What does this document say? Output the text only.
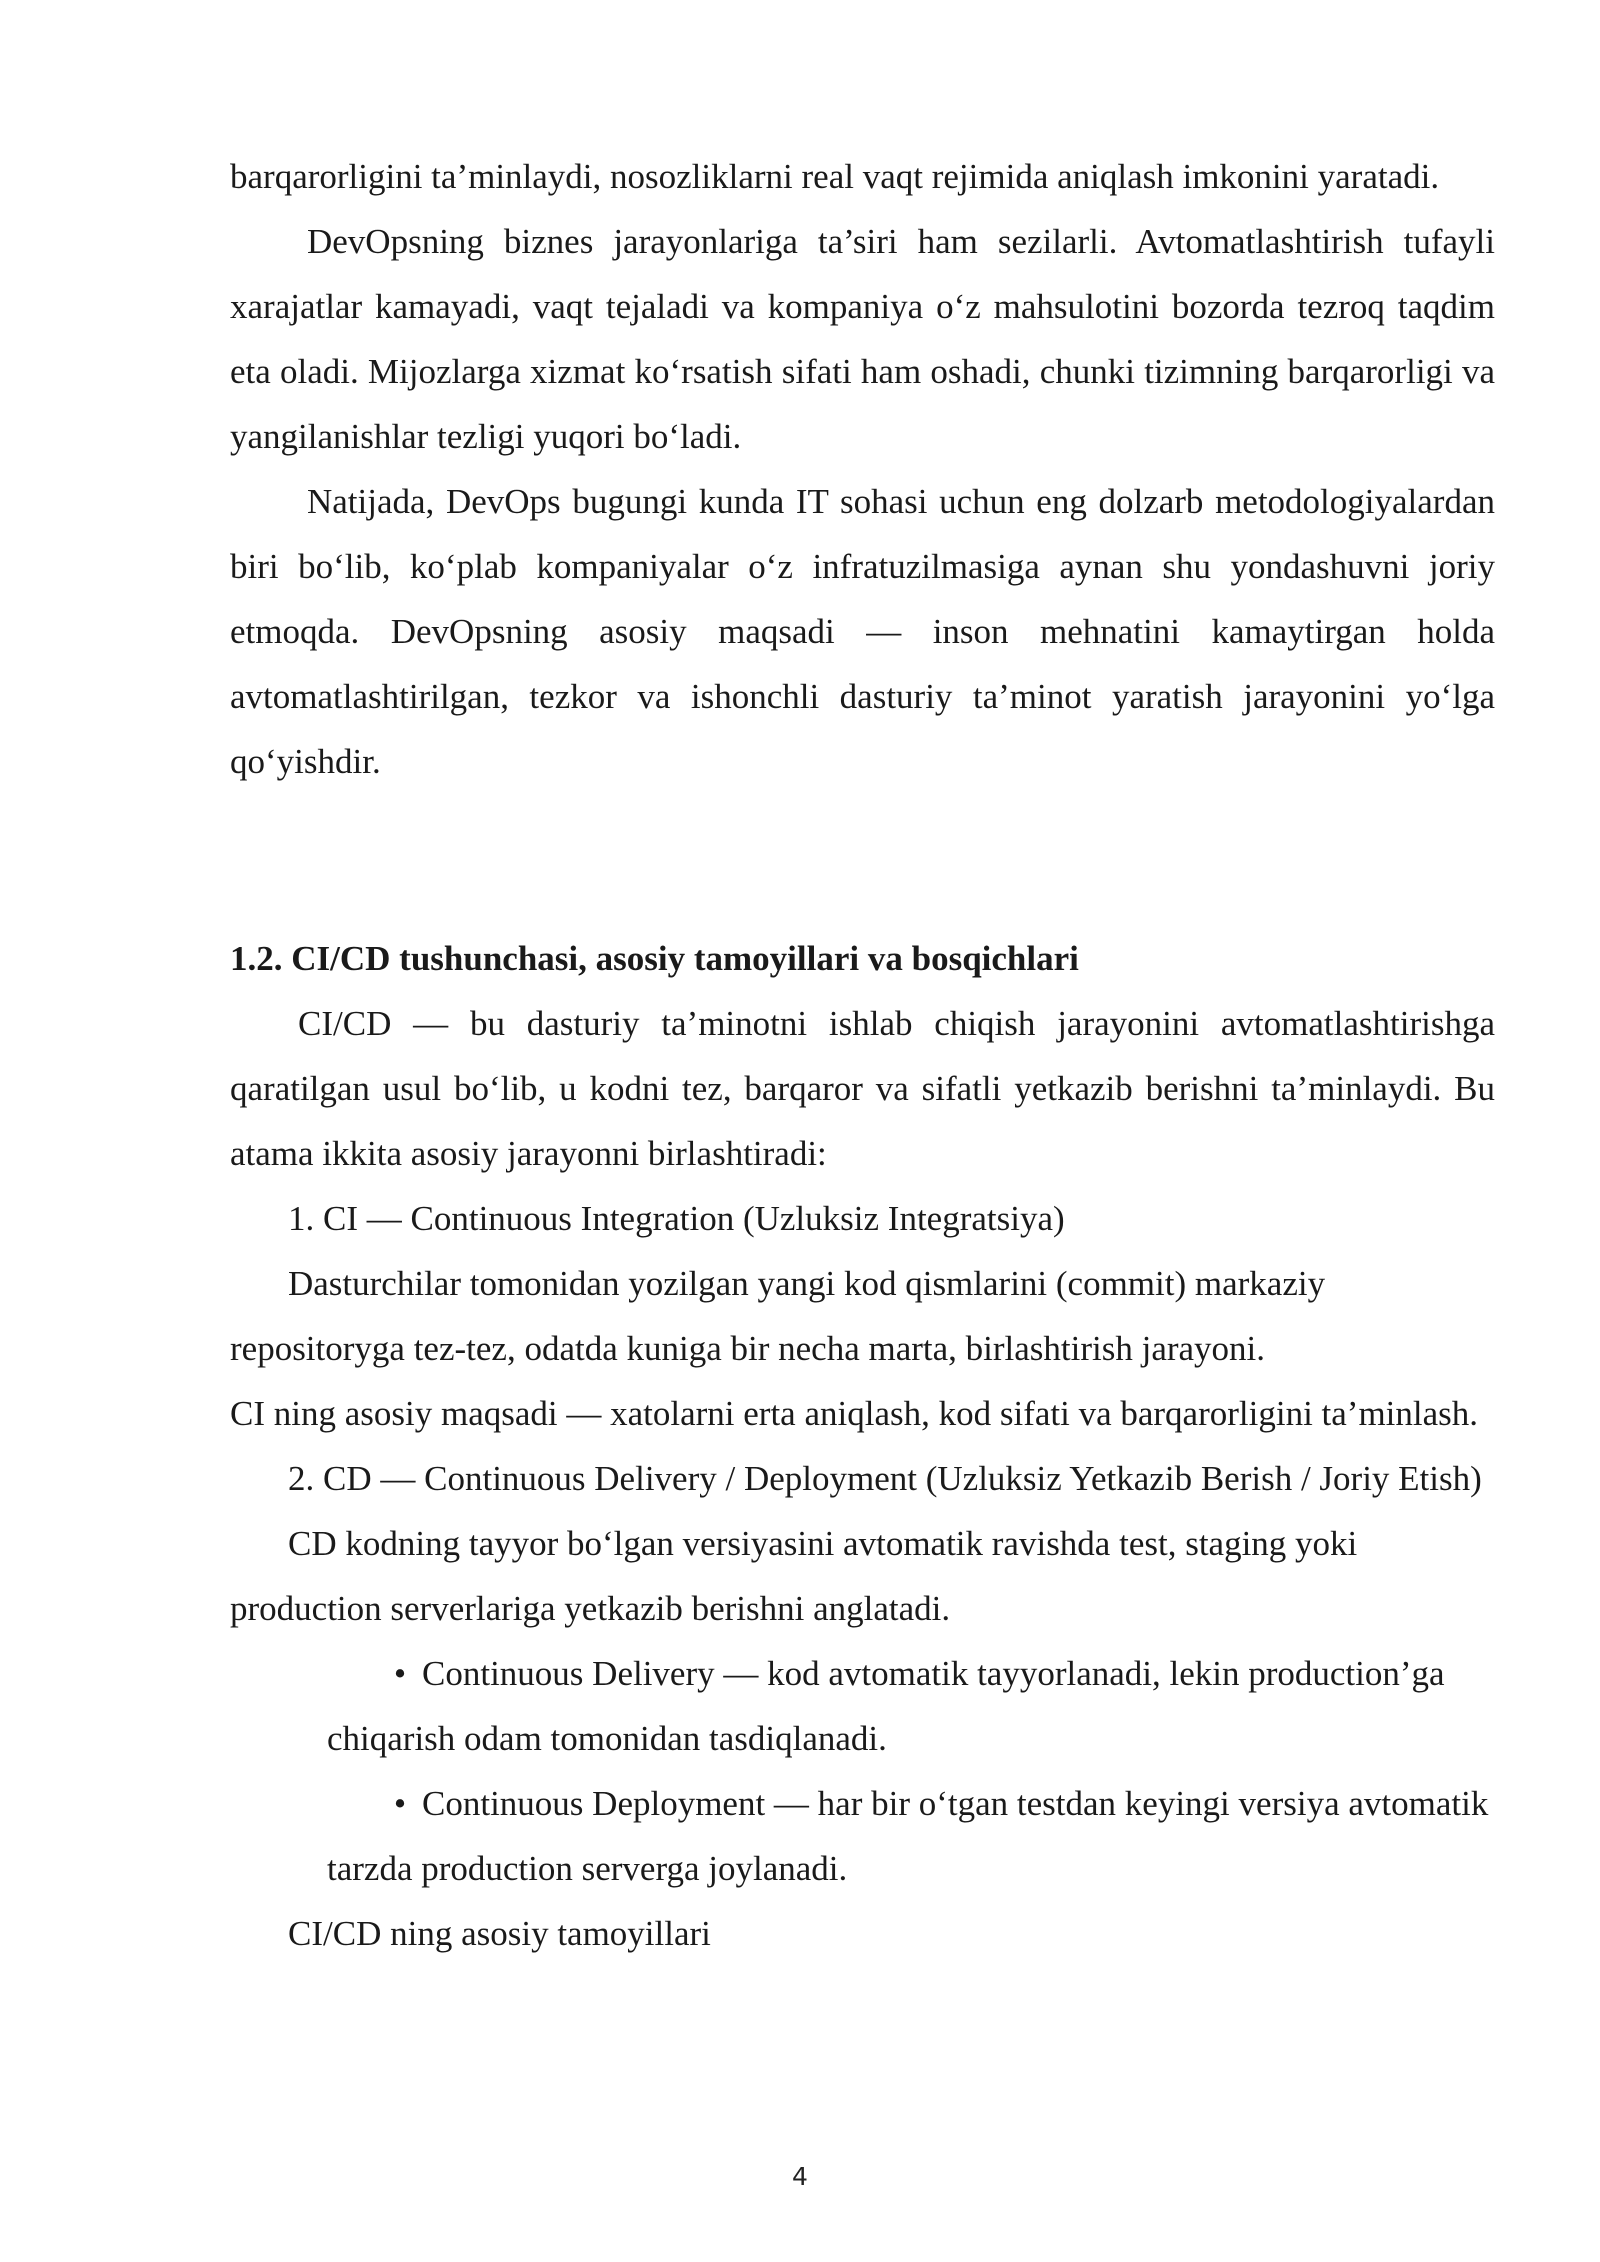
barqarorligini ta’minlaydi, nosozliklarni real vaqt rejimida aniqlash imkonini yaratadi.

DevOpsning biznes jarayonlariga ta’siri ham sezilarli. Avtomatlashtirish tufayli xarajatlar kamayadi, vaqt tejaladi va kompaniya o‘z mahsulotini bozorda tezroq taqdim eta oladi. Mijozlarga xizmat ko‘rsatish sifati ham oshadi, chunki tizimning barqarorligi va yangilanishlar tezligi yuqori bo‘ladi.

Natijada, DevOps bugungi kunda IT sohasi uchun eng dolzarb metodologiyalardan biri bo‘lib, ko‘plab kompaniyalar o‘z infratuzilmasiga aynan shu yondashuvni joriy etmoqda. DevOpsning asosiy maqsadi — inson mehnatini kamaytirgan holda avtomatlashtirilgan, tezkor va ishonchli dasturiy ta’minot yaratish jarayonini yo‘lga qo‘yishdir.

1.2. CI/CD tushunchasi, asosiy tamoyillari va bosqichlari

CI/CD — bu dasturiy ta’minotni ishlab chiqish jarayonini avtomatlashtirishga qaratilgan usul bo‘lib, u kodni tez, barqaror va sifatli yetkazib berishni ta’minlaydi. Bu atama ikkita asosiy jarayonni birlashtiradi:

1. CI — Continuous Integration (Uzluksiz Integratsiya)

Dasturchilar tomonidan yozilgan yangi kod qismlarini (commit) markaziy repositoryga tez-tez, odatda kuniga bir necha marta, birlashtirish jarayoni.

CI ning asosiy maqsadi — xatolarni erta aniqlash, kod sifati va barqarorligini ta’minlash.

2. CD — Continuous Delivery / Deployment (Uzluksiz Yetkazib Berish / Joriy Etish)

CD kodning tayyor bo‘lgan versiyasini avtomatik ravishda test, staging yoki production serverlariga yetkazib berishni anglatadi.

• Continuous Delivery — kod avtomatik tayyorlanadi, lekin production’ga chiqarish odam tomonidan tasdiqlanadi.
• Continuous Deployment — har bir o‘tgan testdan keyingi versiya avtomatik tarzda production serverga joylanadi.

CI/CD ning asosiy tamoyillari

4
